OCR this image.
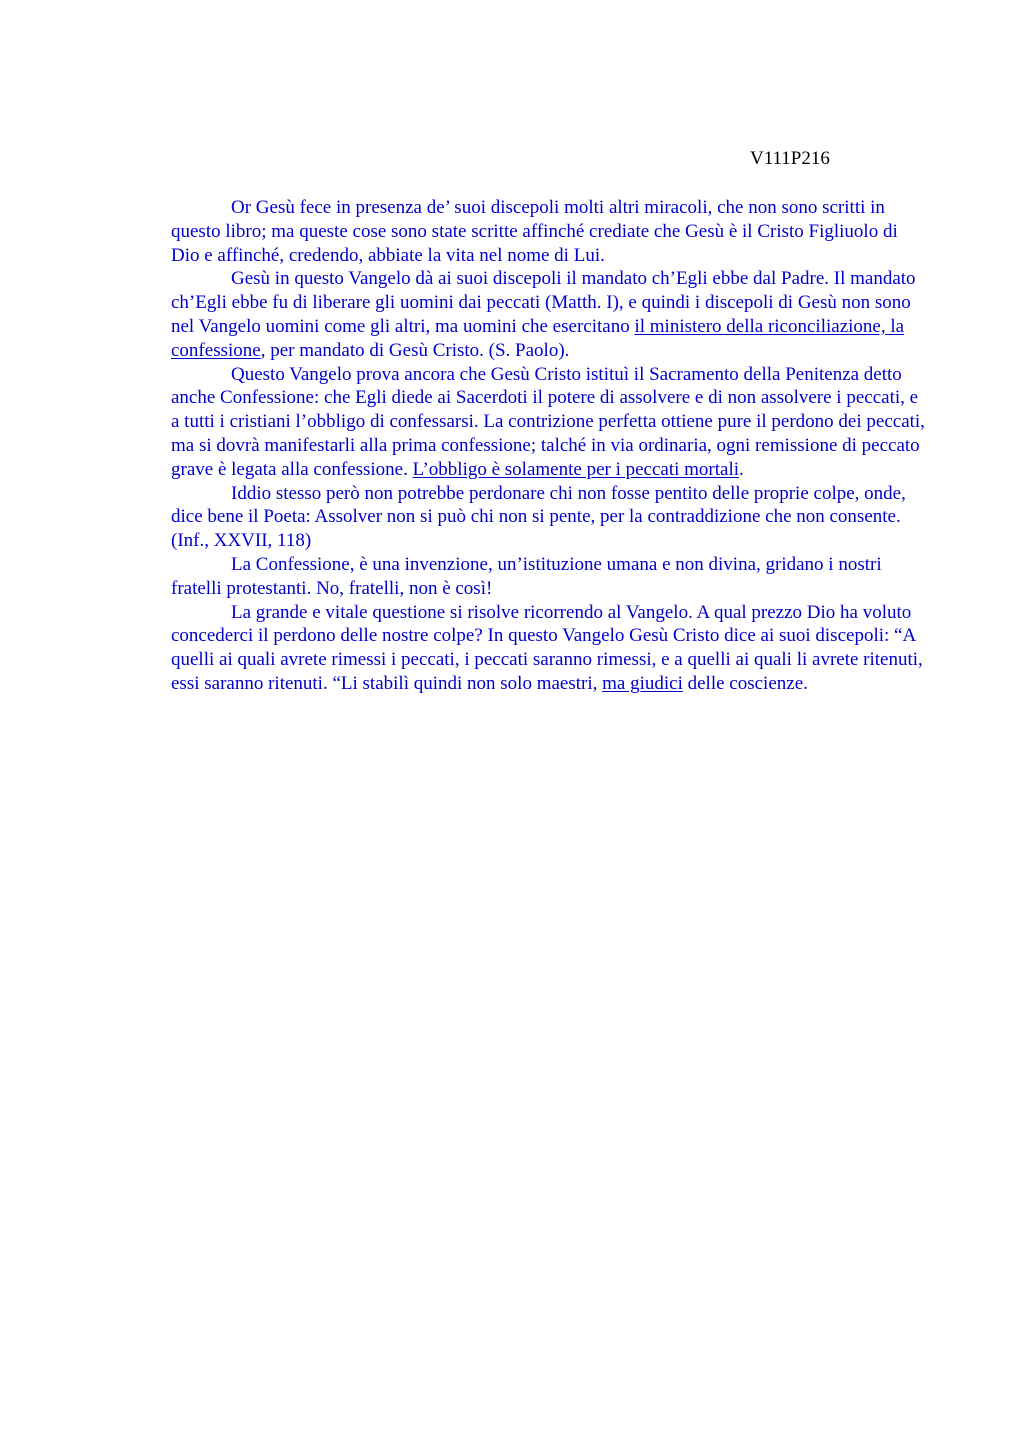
V111P216

Or Gesù fece in presenza de’ suoi discepoli molti altri miracoli, che non sono scritti in questo libro; ma queste cose sono state scritte affinché crediate che Gesù è il Cristo Figliuolo di Dio e affinché, credendo, abbiate la vita nel nome di Lui.

Gesù in questo Vangelo dà ai suoi discepoli il mandato ch’Egli ebbe dal Padre. Il mandato ch’Egli ebbe fu di liberare gli uomini dai peccati (Matth. I), e quindi i discepoli di Gesù non sono nel Vangelo uomini come gli altri, ma uomini che esercitano il ministero della riconciliazione, la confessione, per mandato di Gesù Cristo. (S. Paolo).

Questo Vangelo prova ancora che Gesù Cristo istituì il Sacramento della Penitenza detto anche Confessione: che Egli diede ai Sacerdoti il potere di assolvere e di non assolvere i peccati, e a tutti i cristiani l’obbligo di confessarsi. La contrizione perfetta ottiene pure il perdono dei peccati, ma si dovrà manifestarli alla prima confessione; talché in via ordinaria, ogni remissione di peccato grave è legata alla confessione. L’obbligo è solamente per i peccati mortali.

Iddio stesso però non potrebbe perdonare chi non fosse pentito delle proprie colpe, onde, dice bene il Poeta: Assolver non si può chi non si pente, per la contraddizione che non consente. (Inf., XXVII, 118)

La Confessione, è una invenzione, un’istituzione umana e non divina, gridano i nostri fratelli protestanti. No, fratelli, non è così!

La grande e vitale questione si risolve ricorrendo al Vangelo. A qual prezzo Dio ha voluto concederci il perdono delle nostre colpe? In questo Vangelo Gesù Cristo dice ai suoi discepoli: “A quelli ai quali avrete rimessi i peccati, i peccati saranno rimessi, e a quelli ai quali li avrete ritenuti, essi saranno ritenuti. “Li stabilì quindi non solo maestri, ma giudici delle coscienze.
